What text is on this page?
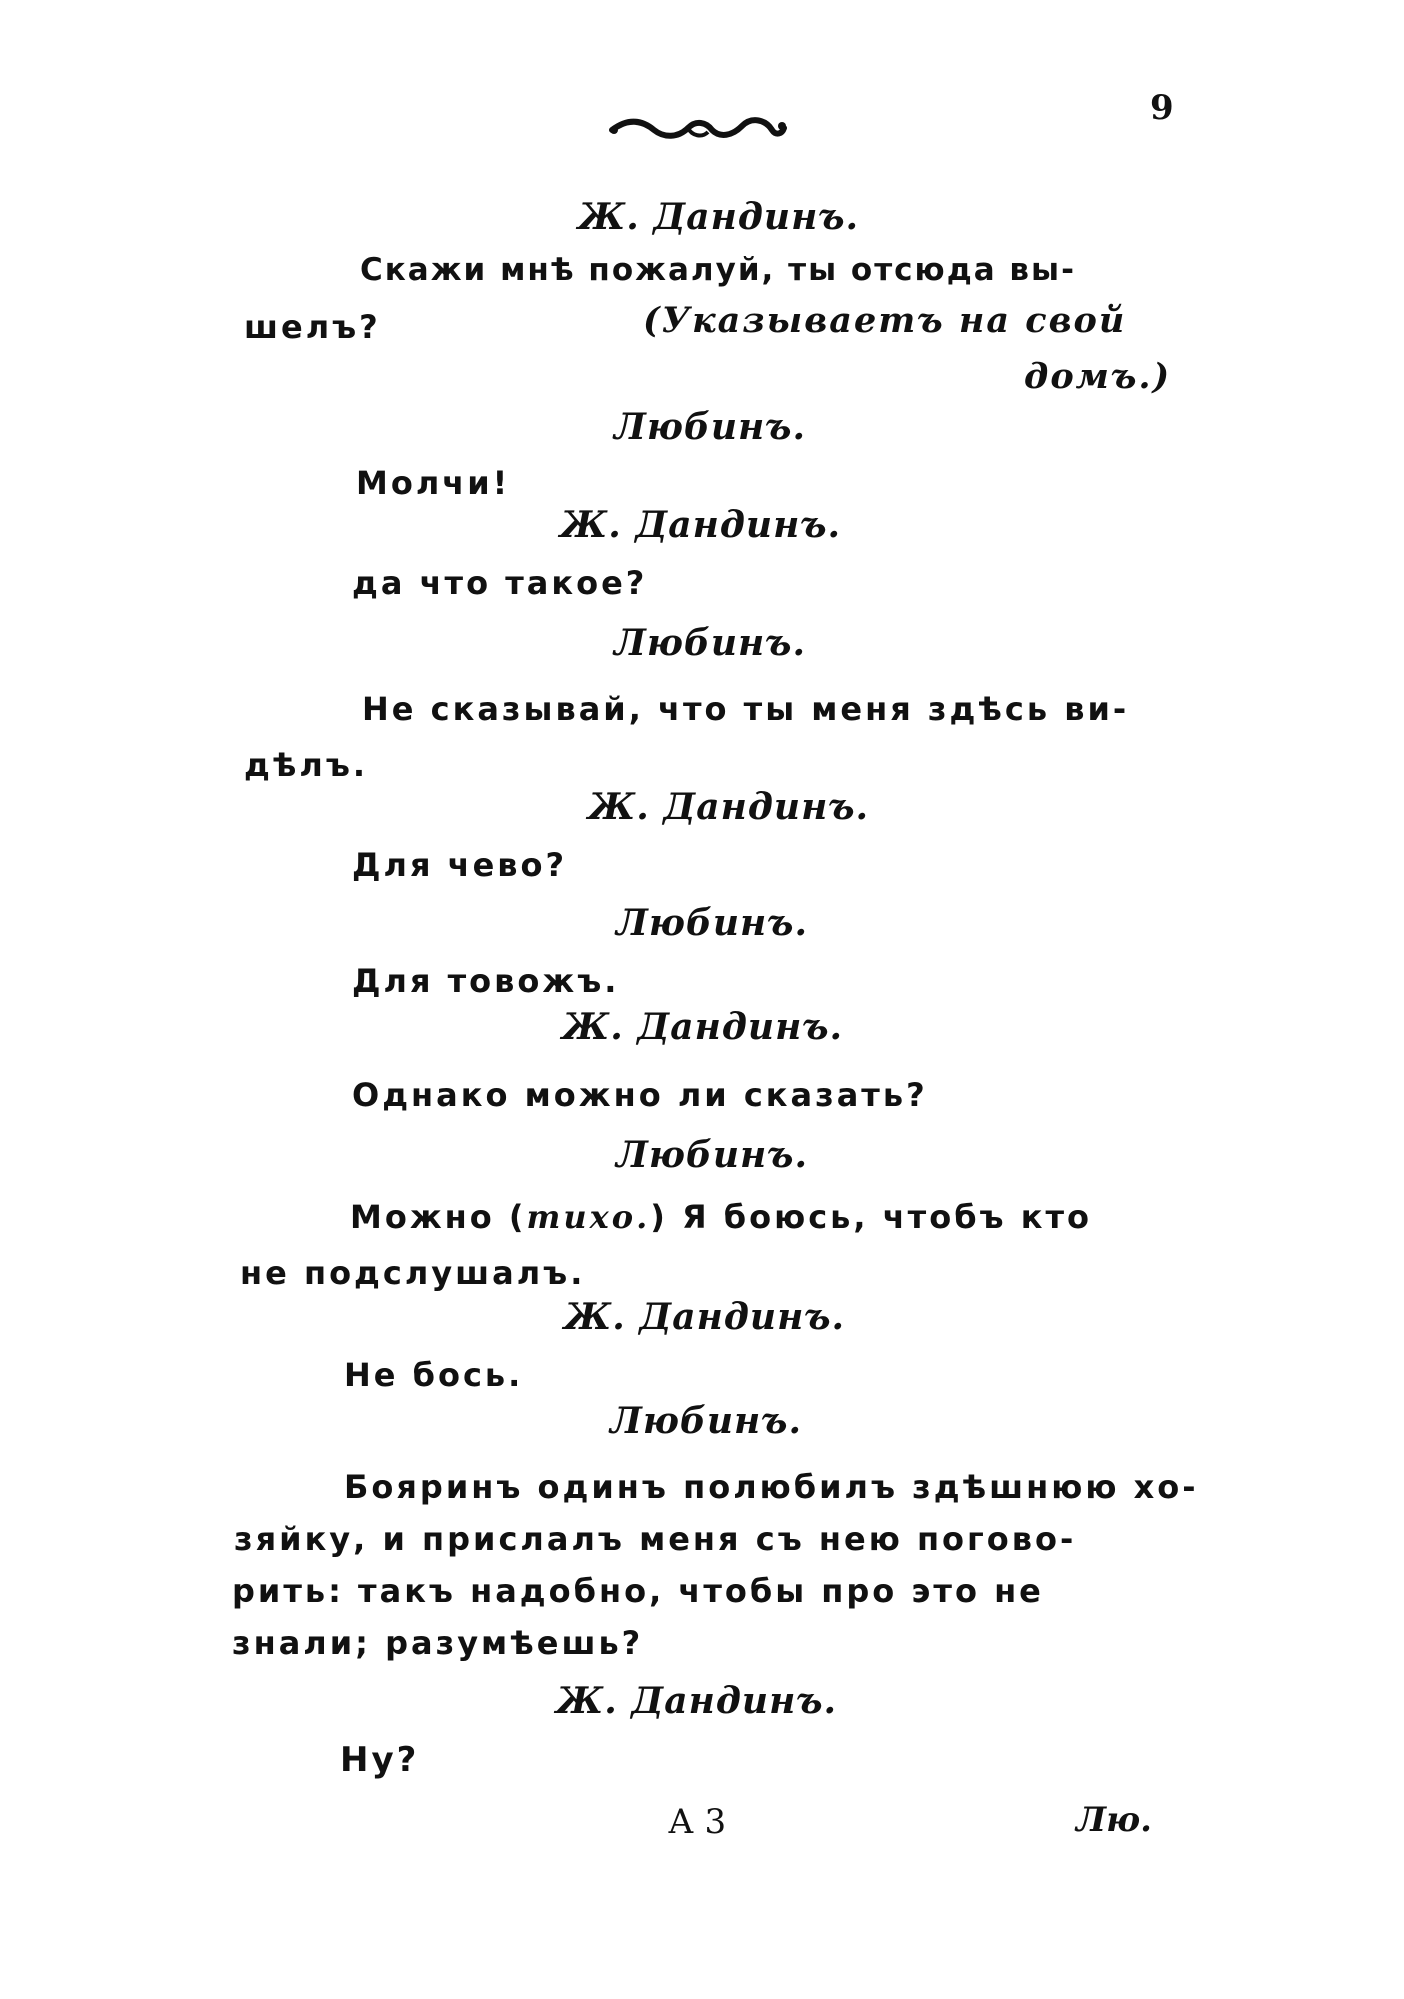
9
Ж. Дандинъ.
Скажи мнѣ пожалуй, ты отсюда вы-
шелъ?	(Указываетъ на свой
домъ.)
Любинъ.
Молчи!
Ж. Дандинъ.
да что такое?
Любинъ.
Не сказывай, что ты меня здѣсь ви-
дѣлъ.
Ж. Дандинъ.
Для чево?
Любинъ.
Для товожъ.
Ж. Дандинъ.
Однако можно ли сказать?
Любинъ.
Можно (тихо.) Я боюсь, чтобъ кто
не подслушалъ.
Ж. Дандинъ.
Не бось.
Любинъ.
Бояринъ одинъ полюбилъ здѣшнюю хо-
зяйку, и прислалъ меня съ нею поговo-
рить: такъ надобно, чтобы про это не
знали; разумѣешь?
Ж. Дандинъ.
Ну?
А 3	Лю.
